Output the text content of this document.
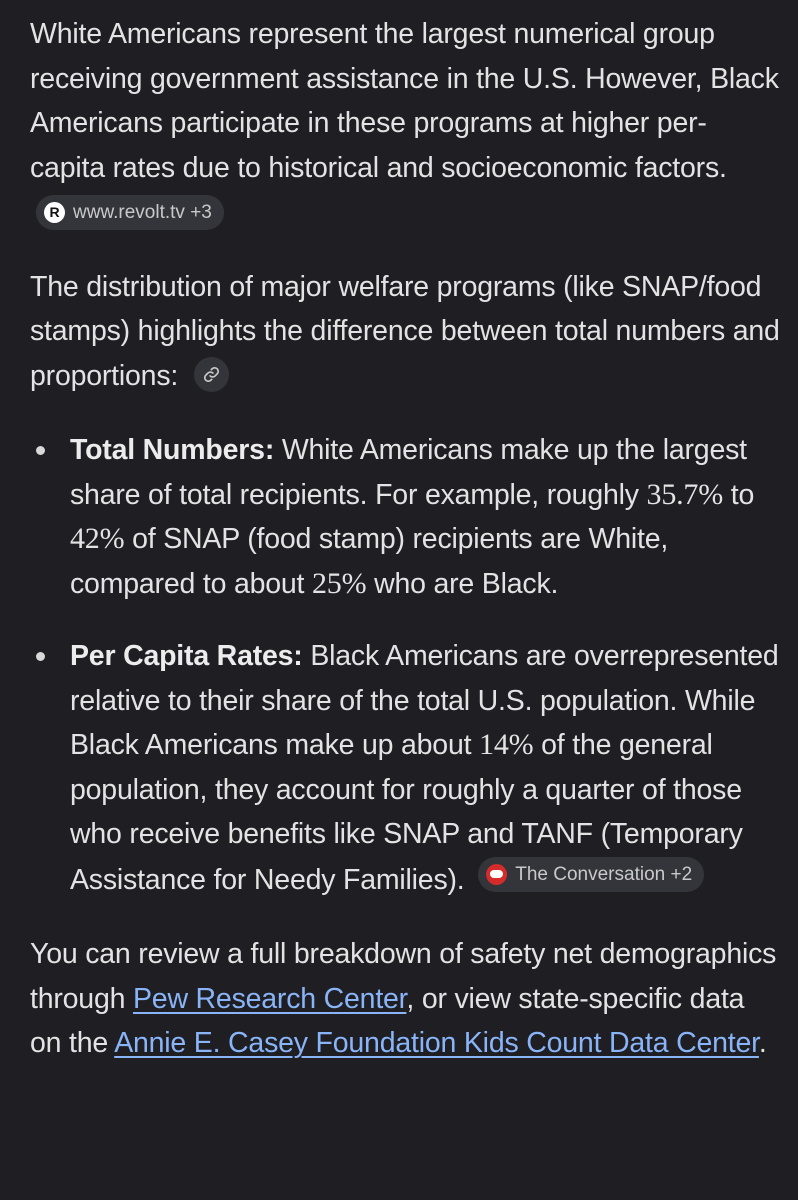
White Americans represent the largest numerical group receiving government assistance in the U.S. However, Black Americans participate in these programs at higher per-capita rates due to historical and socioeconomic factors.
R www.revolt.tv
+3

The distribution of major welfare programs (like SNAP/food stamps) highlights the difference between total numbers and proportions:

Total Numbers: White Americans make up the largest share of total recipients. For example, roughly 35.7% to 42% of SNAP (food stamp) recipients are White, compared to about 25% who are Black.
Per Capita Rates: Black Americans are overrepresented relative to their share of the total U.S. population. While Black Americans make up about 14% of the general population, they account for roughly a quarter of those who receive benefits like SNAP and TANF (Temporary Assistance for Needy Families).	The Conversation
+2

You can review a full breakdown of safety net demographics through Pew Research Center, or view state-specific data on the Annie E. Casey Foundation Kids Count Data Center.
